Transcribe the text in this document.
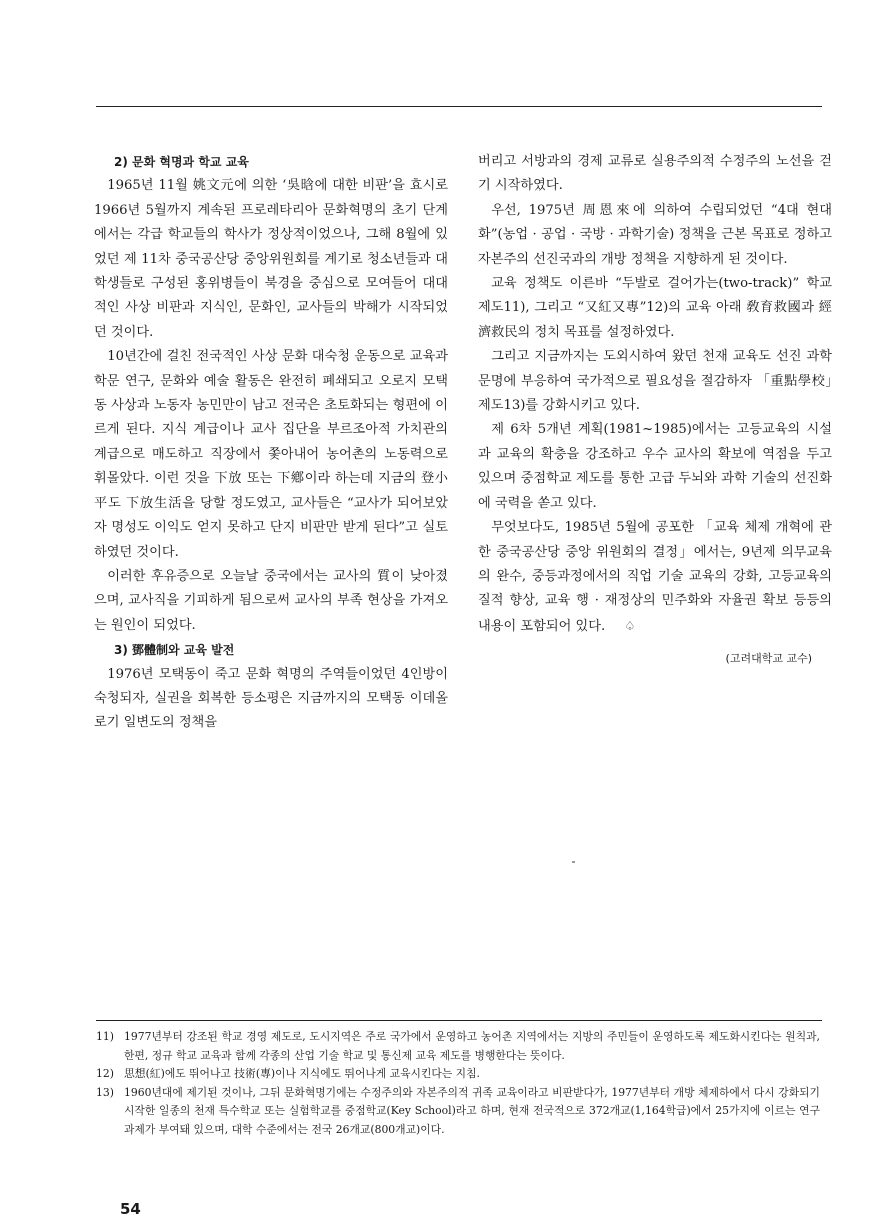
2) 문화 혁명과 학교 교육

1965년 11월 姚文元에 의한 ‘吳晗에 대한 비판’을 효시로 1966년 5월까지 계속된 프로레타리아 문화혁명의 초기 단계에서는 각급 학교들의 학사가 정상적이었으나, 그해 8월에 있었던 제 11차 중국공산당 중앙위원회를 계기로 청소년들과 대학생들로 구성된 홍위병들이 북경을 중심으로 모여들어 대대적인 사상 비판과 지식인, 문화인, 교사들의 박해가 시작되었던 것이다.

10년간에 걸친 전국적인 사상 문화 대숙청 운동으로 교육과 학문 연구, 문화와 예술 활동은 완전히 폐쇄되고 오로지 모택동 사상과 노동자 농민만이 남고 전국은 초토화되는 형편에 이르게 된다. 지식 계급이나 교사 집단을 부르조아적 가치관의 계급으로 매도하고 직장에서 쫓아내어 농어촌의 노동력으로 휘몰았다. 이런 것을 下放 또는 下鄕이라 하는데 지금의 登小平도 下放生活을 당할 정도였고, 교사들은 “교사가 되어보았자 명성도 이익도 얻지 못하고 단지 비판만 받게 된다”고 실토하였던 것이다.

이러한 후유증으로 오늘날 중국에서는 교사의 質이 낮아졌으며, 교사직을 기피하게 됨으로써 교사의 부족 현상을 가져오는 원인이 되었다.

3) 鄧體制와 교육 발전

1976년 모택동이 죽고 문화 혁명의 주역들이었던 4인방이 숙청되자, 실권을 회복한 등소평은 지금까지의 모택동 이데올로기 일변도의 정책을

버리고 서방과의 경제 교류로 실용주의적 수정주의 노선을 걷기 시작하였다.

우선, 1975년 周恩來에 의하여 수립되었던 “4대 현대화”(농업 · 공업 · 국방 · 과학기술) 정책을 근본 목표로 정하고 자본주의 선진국과의 개방 정책을 지향하게 된 것이다.

교육 정책도 이른바 “두발로 걸어가는(two-track)” 학교 제도11), 그리고 “又紅又專”12)의 교육 아래 敎育救國과 經濟救民의 정치 목표를 설정하였다.

그리고 지금까지는 도외시하여 왔던 천재 교육도 선진 과학 문명에 부응하여 국가적으로 필요성을 절감하자 「重點學校」제도13)를 강화시키고 있다.

제 6차 5개년 계획(1981~1985)에서는 고등교육의 시설과 교육의 확충을 강조하고 우수 교사의 확보에 역점을 두고 있으며 중점학교 제도를 통한 고급 두뇌와 과학 기술의 선진화에 국력을 쏟고 있다.

무엇보다도, 1985년 5월에 공포한 「교육 체제 개혁에 관한 중국공산당 중앙 위원회의 결정」에서는, 9년제 의무교육의 완수, 중등과정에서의 직업 기술 교육의 강화, 고등교육의 질적 향상, 교육 행 · 재정상의 민주화와 자율권 확보 등등의 내용이 포함되어 있다. ♤

(고려대학교 교수)
11) 1977년부터 강조된 학교 경영 제도로, 도시지역은 주로 국가에서 운영하고 농어촌 지역에서는 지방의 주민들이 운영하도록 제도화시킨다는 원칙과, 한편, 정규 학교 교육과 함께 각종의 산업 기술 학교 및 통신제 교육 제도를 병행한다는 뜻이다.
12) 思想(紅)에도 뛰어나고 技術(專)이나 지식에도 뛰어나게 교육시킨다는 지침.
13) 1960년대에 제기된 것이나, 그뒤 문화혁명기에는 수정주의와 자본주의적 귀족 교육이라고 비판받다가, 1977년부터 개방 체제하에서 다시 강화되기 시작한 일종의 천재 특수학교 또는 실험학교를 중점학교(Key School)라고 하며, 현재 전국적으로 372개교(1,164학급)에서 25가지에 이르는 연구 과제가 부여돼 있으며, 대학 수준에서는 전국 26개교(800개교)이다.
54
